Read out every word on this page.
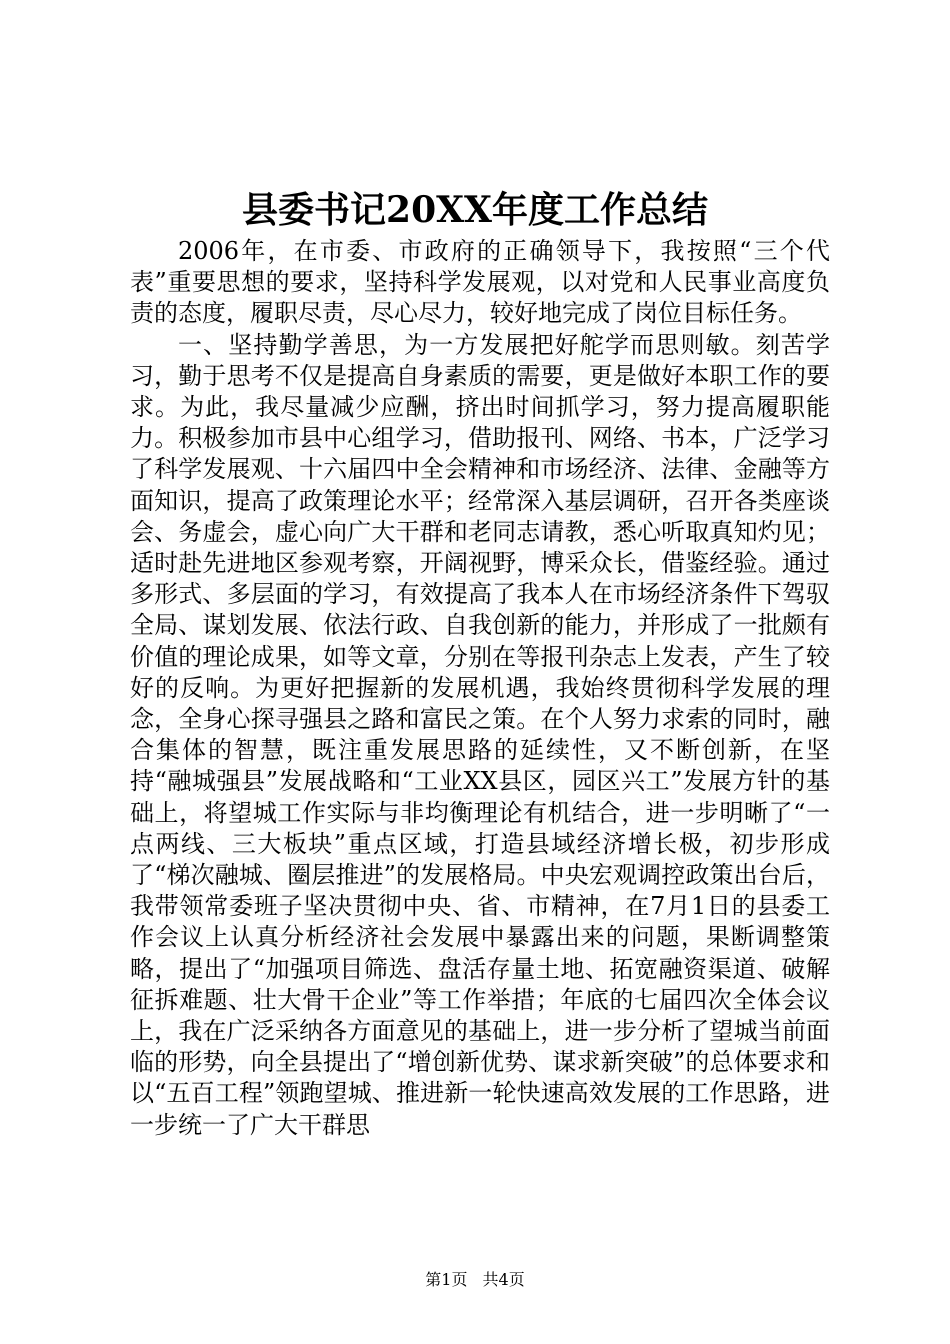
县委书记20XX年度工作总结

2006年，在市委、市政府的正确领导下，我按照“三个代表”重要思想的要求，坚持科学发展观，以对党和人民事业高度负责的态度，履职尽责，尽心尽力，较好地完成了岗位目标任务。

一、坚持勤学善思，为一方发展把好舵学而思则敏。刻苦学习，勤于思考不仅是提高自身素质的需要，更是做好本职工作的要求。为此，我尽量减少应酬，挤出时间抓学习，努力提高履职能力。积极参加市县中心组学习，借助报刊、网络、书本，广泛学习了科学发展观、十六届四中全会精神和市场经济、法律、金融等方面知识，提高了政策理论水平；经常深入基层调研，召开各类座谈会、务虚会，虚心向广大干群和老同志请教，悉心听取真知灼见；适时赴先进地区参观考察，开阔视野，博采众长，借鉴经验。通过多形式、多层面的学习，有效提高了我本人在市场经济条件下驾驭全局、谋划发展、依法行政、自我创新的能力，并形成了一批颇有价值的理论成果，如等文章，分别在等报刊杂志上发表，产生了较好的反响。为更好把握新的发展机遇，我始终贯彻科学发展的理念，全身心探寻强县之路和富民之策。在个人努力求索的同时，融合集体的智慧，既注重发展思路的延续性，又不断创新，在坚持“融城强县”发展战略和“工业XX县区，园区兴工”发展方针的基础上，将望城工作实际与非均衡理论有机结合，进一步明晰了“一点两线、三大板块”重点区域，打造县域经济增长极，初步形成了“梯次融城、圈层推进”的发展格局。中央宏观调控政策出台后，我带领常委班子坚决贯彻中央、省、市精神，在7月1日的县委工作会议上认真分析经济社会发展中暴露出来的问题，果断调整策略，提出了“加强项目筛选、盘活存量土地、拓宽融资渠道、破解征拆难题、壮大骨干企业”等工作举措；年底的七届四次全体会议上，我在广泛采纳各方面意见的基础上，进一步分析了望城当前面临的形势，向全县提出了“增创新优势、谋求新突破”的总体要求和以“五百工程”领跑望城、推进新一轮快速高效发展的工作思路，进一步统一了广大干群思

第1页 共4页
